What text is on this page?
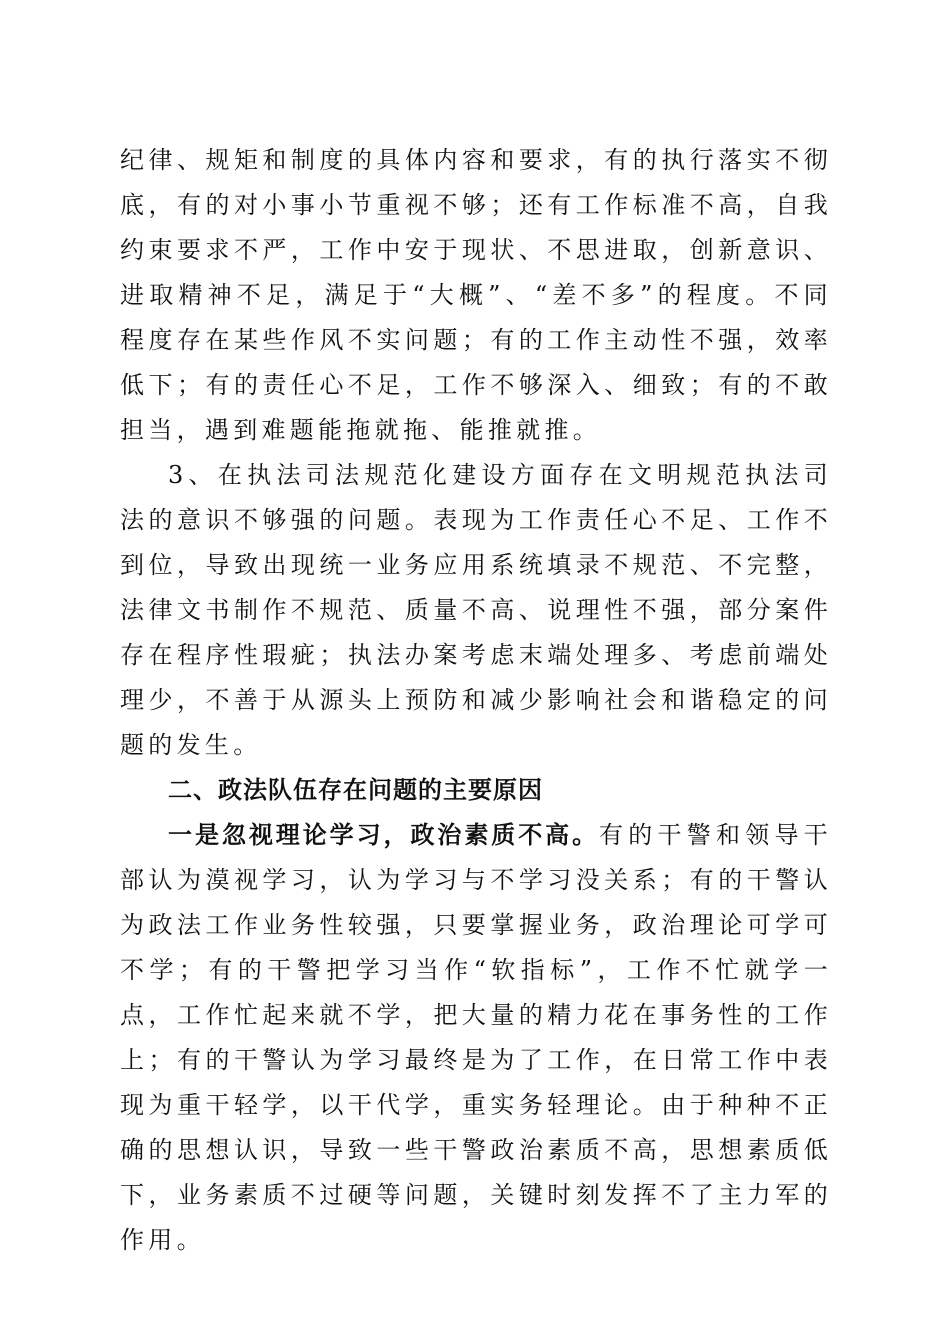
纪律、规矩和制度的具体内容和要求，有的执行落实不彻底，有的对小事小节重视不够；还有工作标准不高，自我约束要求不严，工作中安于现状、不思进取，创新意识、进取精神不足，满足于“大概”、“差不多”的程度。不同程度存在某些作风不实问题；有的工作主动性不强，效率低下；有的责任心不足，工作不够深入、细致；有的不敢担当，遇到难题能拖就拖、能推就推。

3、在执法司法规范化建设方面存在文明规范执法司法的意识不够强的问题。表现为工作责任心不足、工作不到位，导致出现统一业务应用系统填录不规范、不完整，法律文书制作不规范、质量不高、说理性不强，部分案件存在程序性瑕疵；执法办案考虑末端处理多、考虑前端处理少，不善于从源头上预防和减少影响社会和谐稳定的问题的发生。

二、政法队伍存在问题的主要原因

一是忽视理论学习，政治素质不高。有的干警和领导干部认为漠视学习，认为学习与不学习没关系；有的干警认为政法工作业务性较强，只要掌握业务，政治理论可学可不学；有的干警把学习当作“软指标”，工作不忙就学一点，工作忙起来就不学，把大量的精力花在事务性的工作上；有的干警认为学习最终是为了工作，在日常工作中表现为重干轻学，以干代学，重实务轻理论。由于种种不正确的思想认识，导致一些干警政治素质不高，思想素质低下，业务素质不过硬等问题，关键时刻发挥不了主力军的作用。
